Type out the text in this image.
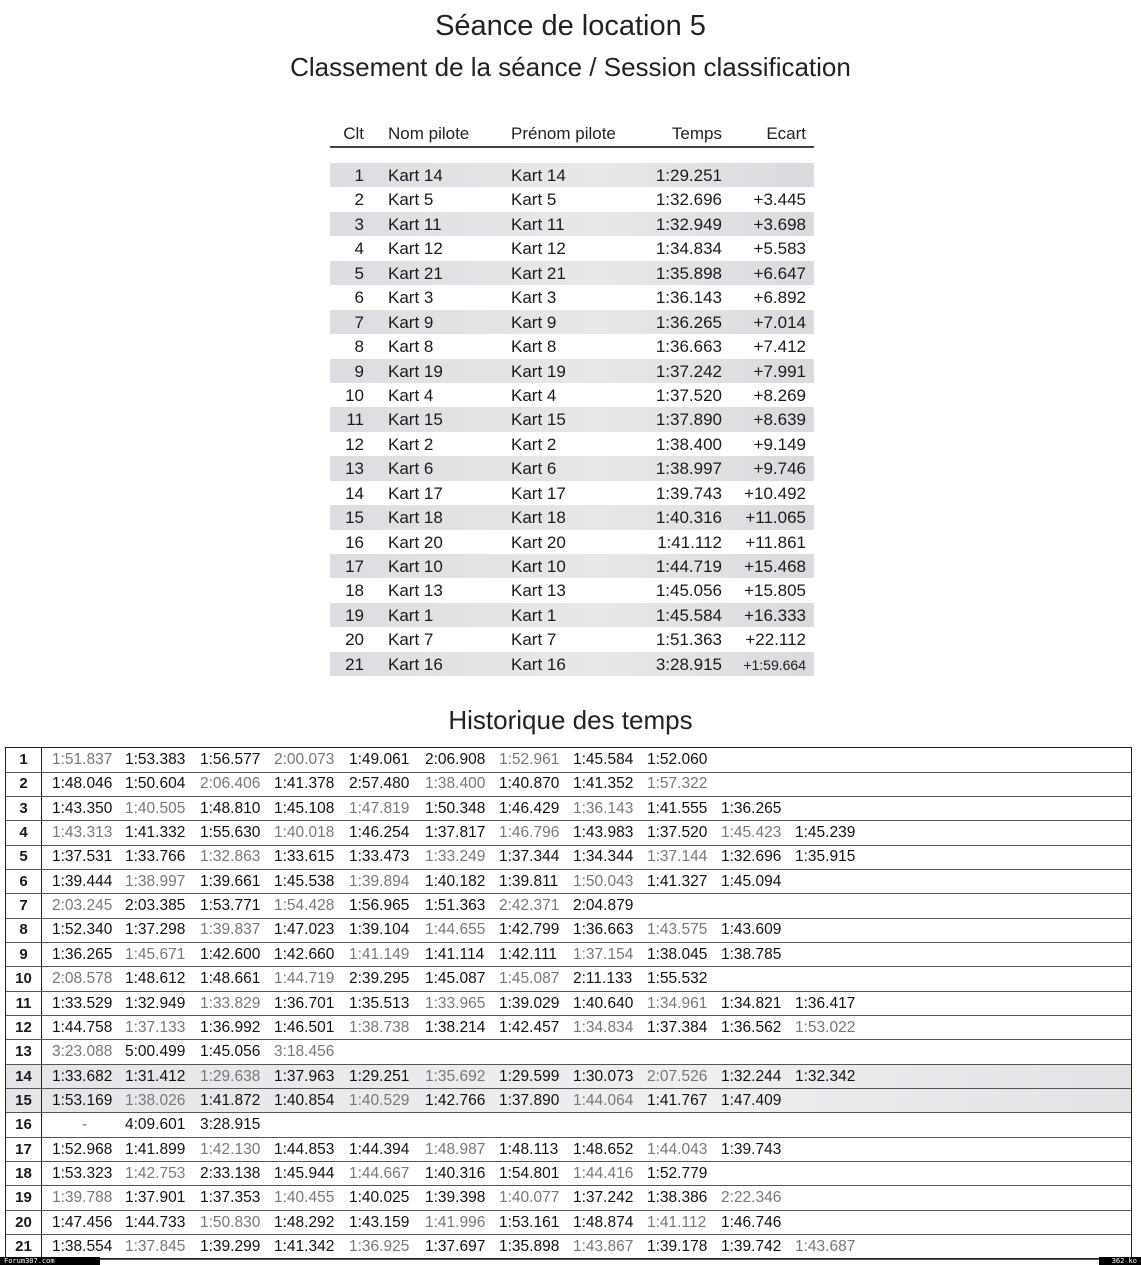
Séance de location 5
Classement de la séance / Session classification
Clt Nom pilote Prénom pilote	Temps	Ecart
1 Kart 14	Kart 14	1:29.251
2 Kart 5	Kart 5	1:32.696	+3.445
3 Kart 11	Kart 11	1:32.949	+3.698
4 Kart 12	Kart 12	1:34.834	+5.583
5 Kart 21	Kart 21	1:35.898	+6.647
6 Kart 3	Kart 3	1:36.143	+6.892
7 Kart 9	Kart 9	1:36.265	+7.014
8 Kart 8	Kart 8	1:36.663	+7.412
9 Kart 19	Kart 19	1:37.242	+7.991
10 Kart 4	Kart 4	1:37.520	+8.269
11 Kart 15	Kart 15	1:37.890	+8.639
12 Kart 2	Kart 2	1:38.400	+9.149
13 Kart 6	Kart 6	1:38.997	+9.746
14 Kart 17	Kart 17	1:39.743	+10.492
15 Kart 18	Kart 18	1:40.316	+11.065
16 Kart 20	Kart 20	1:41.112	+11.861
17 Kart 10	Kart 10	1:44.719	+15.468
18 Kart 13	Kart 13	1:45.056	+15.805
19 Kart 1	Kart 1	1:45.584	+16.333
20 Kart 7	Kart 7	1:51.363	+22.112
21 Kart 16	Kart 16	3:28.915	+1:59.664
Historique des temps
1	1:51.837 1:53.383 1:56.577 2:00.073 1:49.061 2:06.908 1:52.961 1:45.584 1:52.060
2	1:48.046 1:50.604 2:06.406 1:41.378 2:57.480 1:38.400 1:40.870 1:41.352 1:57.322
3	1:43.350 1:40.505 1:48.810 1:45.108 1:47.819 1:50.348 1:46.429 1:36.143 1:41.555 1:36.265
4	1:43.313 1:41.332 1:55.630 1:40.018 1:46.254 1:37.817 1:46.796 1:43.983 1:37.520 1:45.423 1:45.239
5	1:37.531 1:33.766 1:32.863 1:33.615 1:33.473 1:33.249 1:37.344 1:34.344 1:37.144 1:32.696 1:35.915
6	1:39.444 1:38.997 1:39.661 1:45.538 1:39.894 1:40.182 1:39.811 1:50.043 1:41.327 1:45.094
7	2:03.245 2:03.385 1:53.771 1:54.428 1:56.965 1:51.363 2:42.371 2:04.879
8	1:52.340 1:37.298 1:39.837 1:47.023 1:39.104 1:44.655 1:42.799 1:36.663 1:43.575 1:43.609
9	1:36.265 1:45.671 1:42.600 1:42.660 1:41.149 1:41.114 1:42.111 1:37.154 1:38.045 1:38.785
10	2:08.578 1:48.612 1:48.661 1:44.719 2:39.295 1:45.087 1:45.087 2:11.133 1:55.532
11	1:33.529 1:32.949 1:33.829 1:36.701 1:35.513 1:33.965 1:39.029 1:40.640 1:34.961 1:34.821 1:36.417
12	1:44.758 1:37.133 1:36.992 1:46.501 1:38.738 1:38.214 1:42.457 1:34.834 1:37.384 1:36.562 1:53.022
13	3:23.088 5:00.499 1:45.056 3:18.456
14	1:33.682 1:31.412 1:29.638 1:37.963 1:29.251 1:35.692 1:29.599 1:30.073 2:07.526 1:32.244 1:32.342
15	1:53.169 1:38.026 1:41.872 1:40.854 1:40.529 1:42.766 1:37.890 1:44.064 1:41.767 1:47.409
16	- 4:09.601 3:28.915
17	1:52.968 1:41.899 1:42.130 1:44.853 1:44.394 1:48.987 1:48.113 1:48.652 1:44.043 1:39.743
18	1:53.323 1:42.753 2:33.138 1:45.944 1:44.667 1:40.316 1:54.801 1:44.416 1:52.779
19	1:39.788 1:37.901 1:37.353 1:40.455 1:40.025 1:39.398 1:40.077 1:37.242 1:38.386 2:22.346
20	1:47.456 1:44.733 1:50.830 1:48.292 1:43.159 1:41.996 1:53.161 1:48.874 1:41.112 1:46.746
21	1:38.554 1:37.845 1:39.299 1:41.342 1:36.925 1:37.697 1:35.898 1:43.867 1:39.178 1:39.742 1:43.687
Forum307.com	362 ko
